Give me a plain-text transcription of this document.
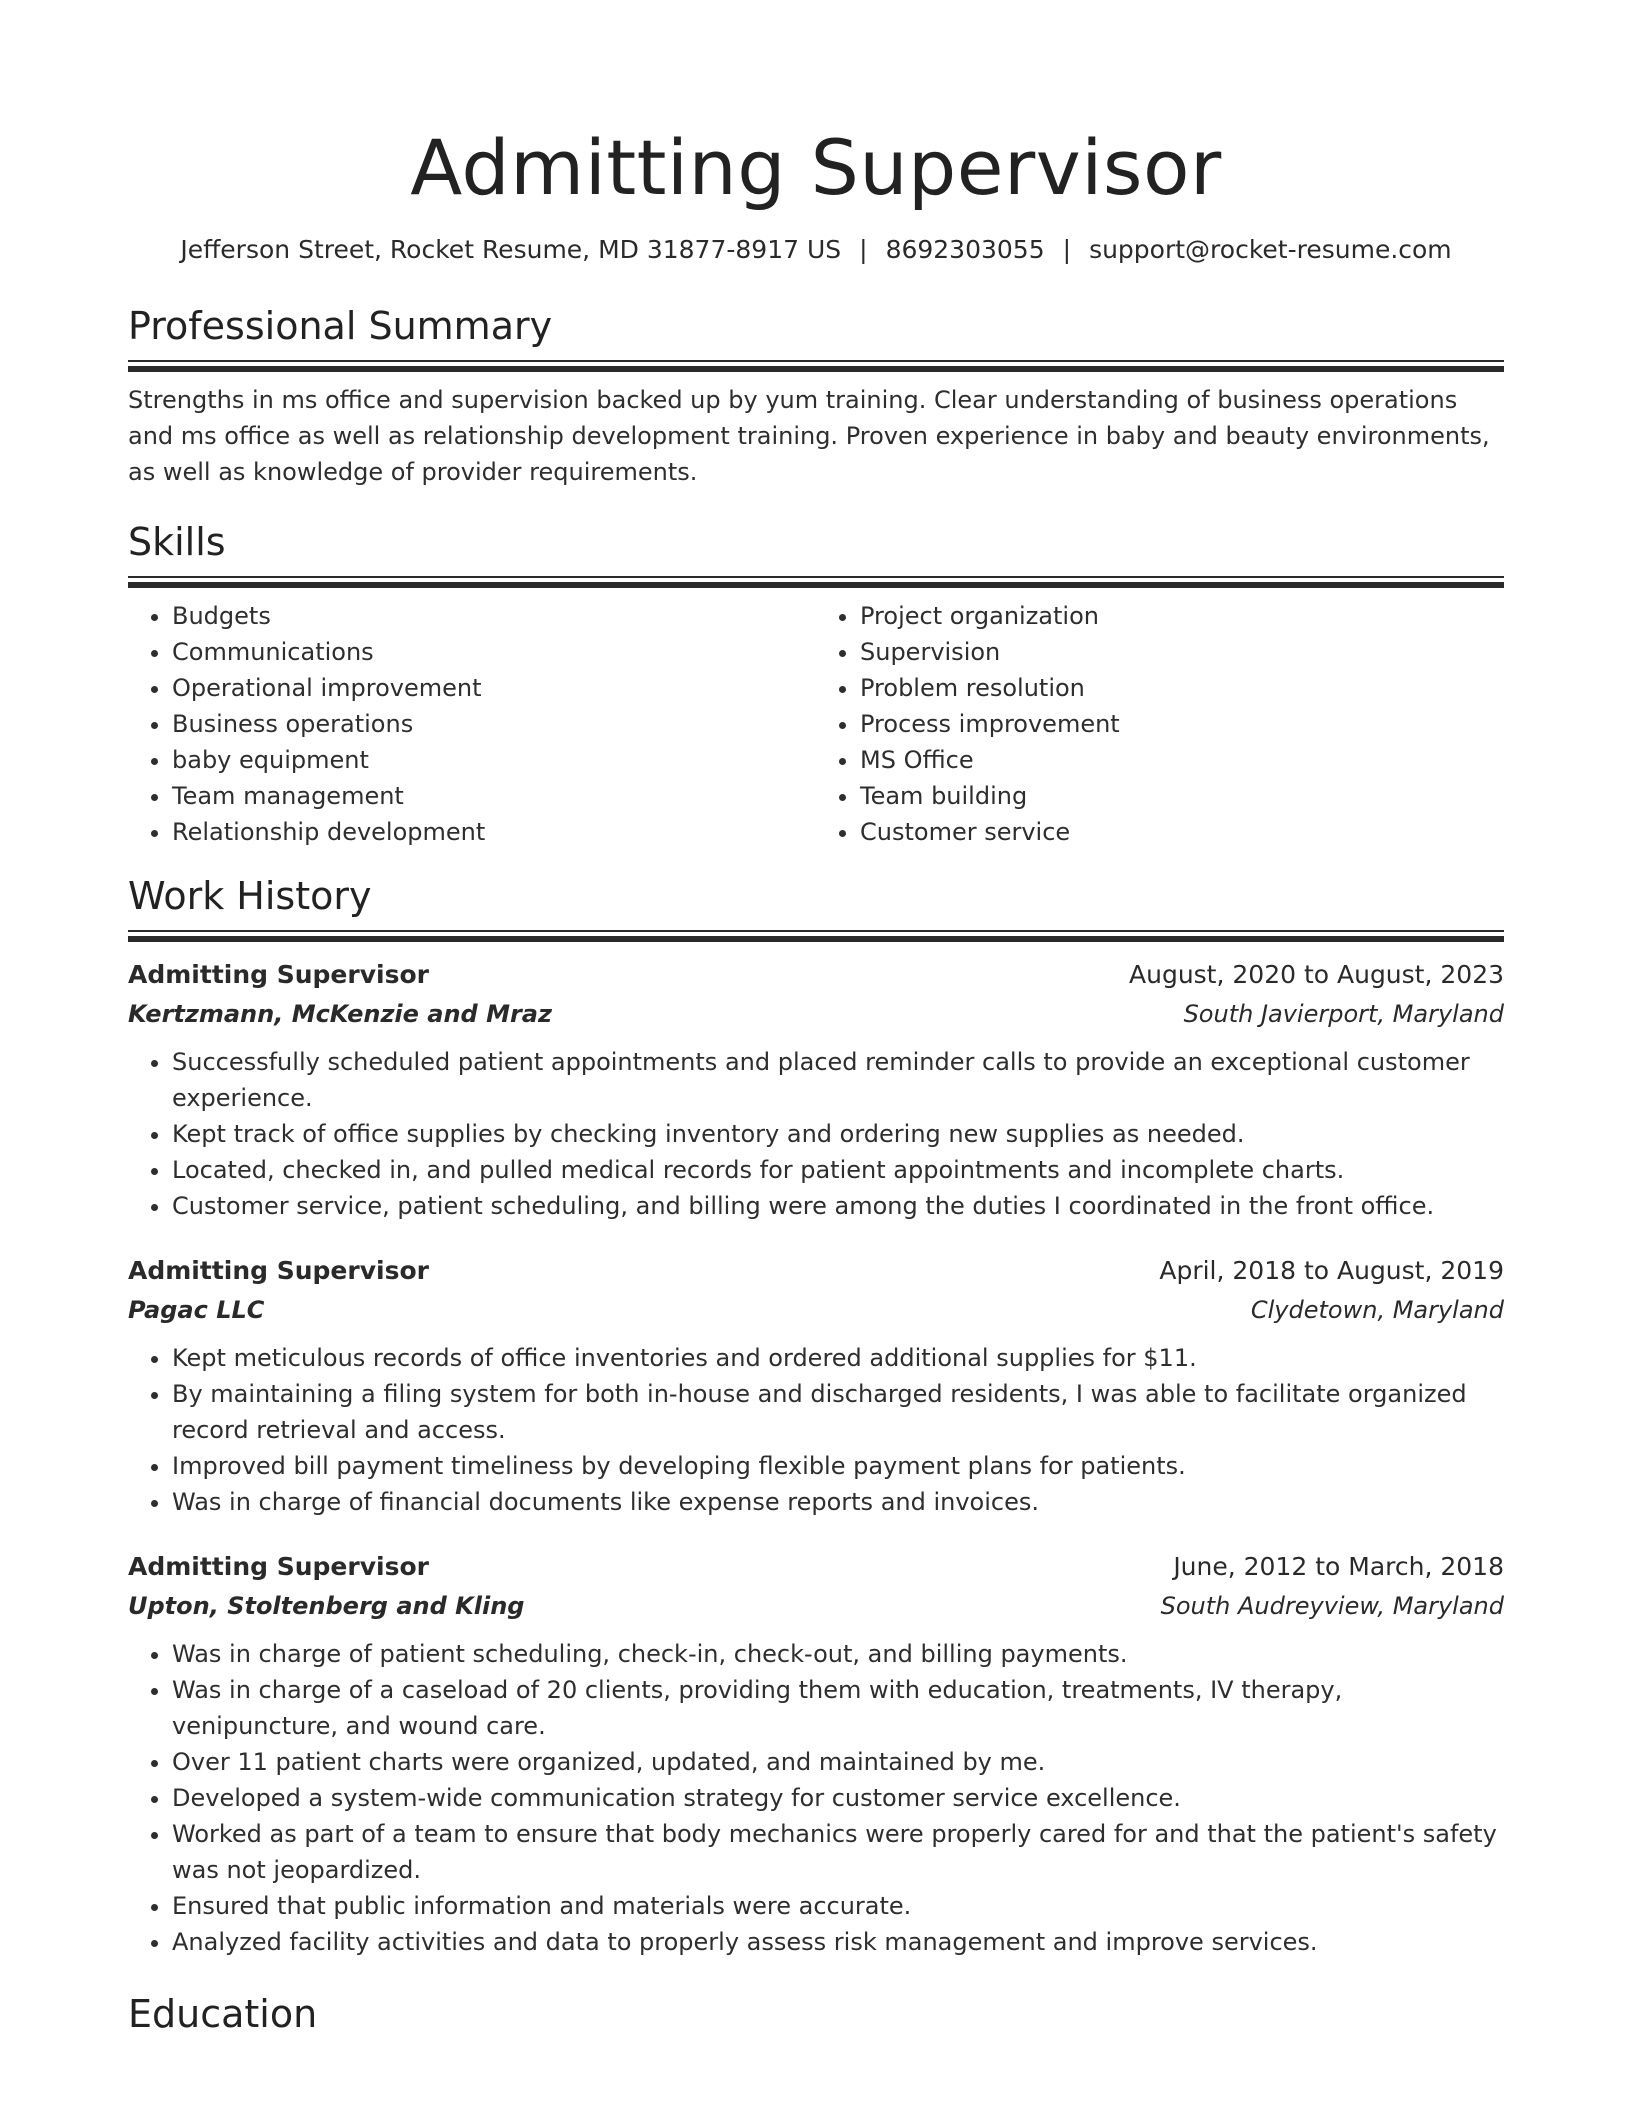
Admitting Supervisor
Jefferson Street, Rocket Resume, MD 31877-8917 US | 8692303055 | support@rocket-resume.com
Professional Summary

Strengths in ms office and supervision backed up by yum training. Clear understanding of business operations and ms office as well as relationship development training. Proven experience in baby and beauty environments, as well as knowledge of provider requirements.

Skills
• Budgets
• Communications
• Operational improvement
• Business operations
• baby equipment
• Team management
• Relationship development
• Project organization
• Supervision
• Problem resolution
• Process improvement
• MS Office
• Team building
• Customer service
Work History
Admitting Supervisor	August, 2020 to August, 2023
Kertzmann, McKenzie and Mraz	South Javierport, Maryland
• Successfully scheduled patient appointments and placed reminder calls to provide an exceptional customer experience.
• Kept track of office supplies by checking inventory and ordering new supplies as needed.
• Located, checked in, and pulled medical records for patient appointments and incomplete charts.
• Customer service, patient scheduling, and billing were among the duties I coordinated in the front office.
Admitting Supervisor	April, 2018 to August, 2019
Pagac LLC	Clydetown, Maryland
• Kept meticulous records of office inventories and ordered additional supplies for $11.
• By maintaining a filing system for both in-house and discharged residents, I was able to facilitate organized record retrieval and access.
• Improved bill payment timeliness by developing flexible payment plans for patients.
• Was in charge of financial documents like expense reports and invoices.
Admitting Supervisor	June, 2012 to March, 2018
Upton, Stoltenberg and Kling	South Audreyview, Maryland
• Was in charge of patient scheduling, check-in, check-out, and billing payments.
• Was in charge of a caseload of 20 clients, providing them with education, treatments, IV therapy, venipuncture, and wound care.
• Over 11 patient charts were organized, updated, and maintained by me.
• Developed a system-wide communication strategy for customer service excellence.
• Worked as part of a team to ensure that body mechanics were properly cared for and that the patient's safety was not jeopardized.
• Ensured that public information and materials were accurate.
• Analyzed facility activities and data to properly assess risk management and improve services.
Education
